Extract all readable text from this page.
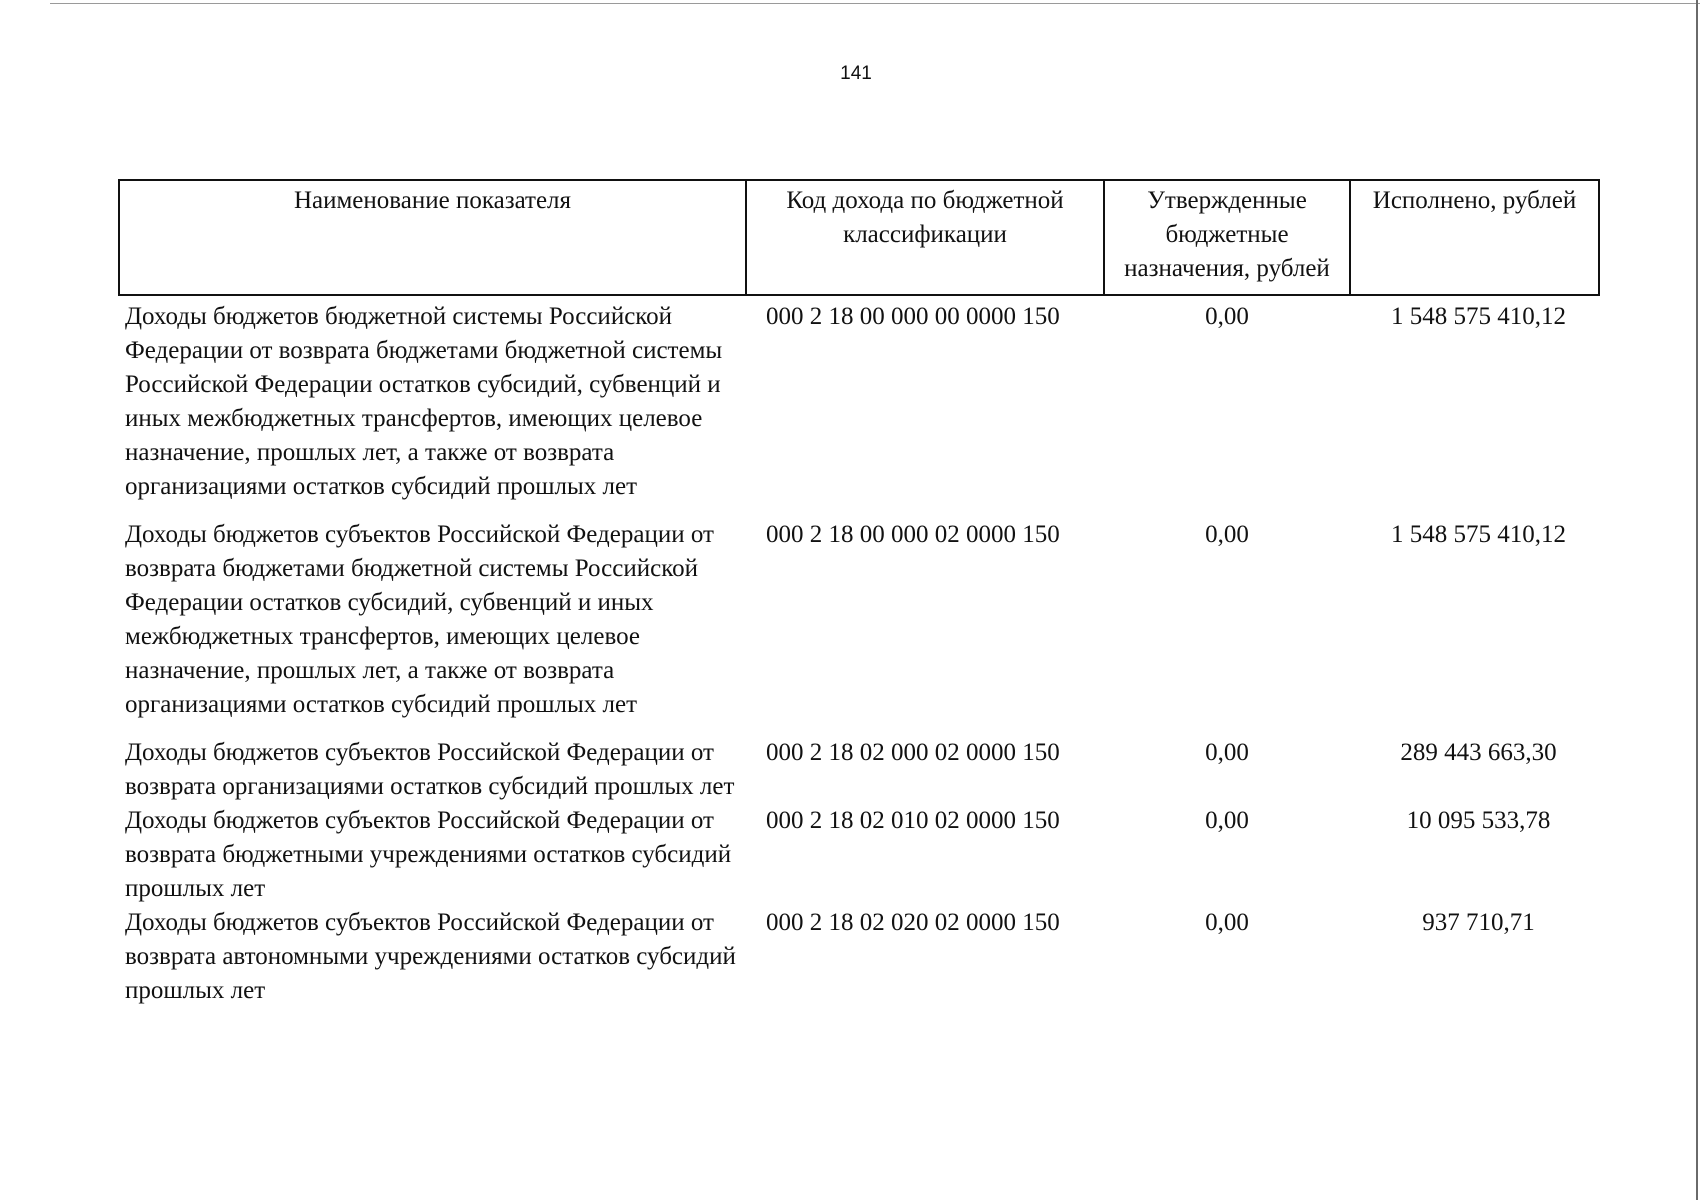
141
Наименование показателя	Код дохода по бюджетной классификации	Утвержденные бюджетные назначения, рублей	Исполнено, рублей
Доходы бюджетов бюджетной системы Российской Федерации от возврата бюджетами бюджетной системы Российской Федерации остатков субсидий, субвенций и иных межбюджетных трансфертов, имеющих целевое назначение, прошлых лет, а также от возврата организациями остатков субсидий прошлых лет	000 2 18 00 000 00 0000 150	0,00	1 548 575 410,12
Доходы бюджетов субъектов Российской Федерации от возврата бюджетами бюджетной системы Российской Федерации остатков субсидий, субвенций и иных межбюджетных трансфертов, имеющих целевое назначение, прошлых лет, а также от возврата организациями остатков субсидий прошлых лет	000 2 18 00 000 02 0000 150	0,00	1 548 575 410,12
Доходы бюджетов субъектов Российской Федерации от возврата организациями остатков субсидий прошлых лет	000 2 18 02 000 02 0000 150	0,00	289 443 663,30
Доходы бюджетов субъектов Российской Федерации от возврата бюджетными учреждениями остатков субсидий прошлых лет	000 2 18 02 010 02 0000 150	0,00	10 095 533,78
Доходы бюджетов субъектов Российской Федерации от возврата автономными учреждениями остатков субсидий прошлых лет	000 2 18 02 020 02 0000 150	0,00	937 710,71
